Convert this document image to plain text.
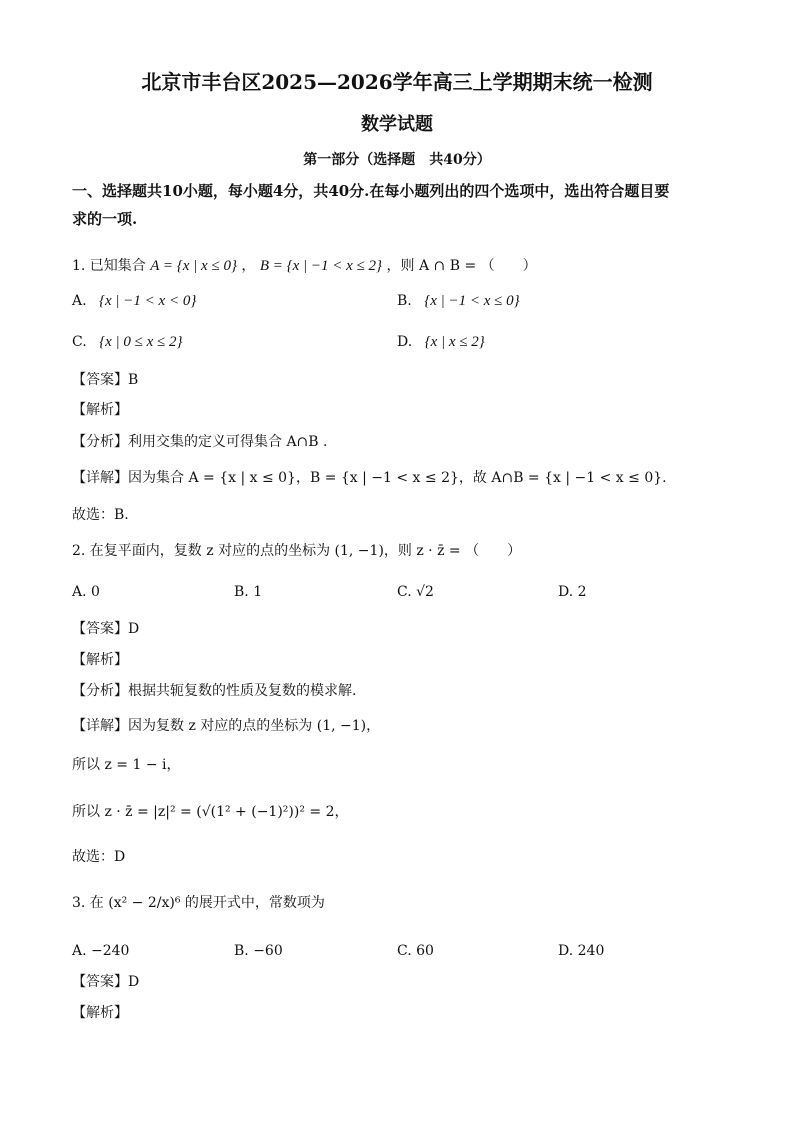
北京市丰台区2025—2026学年高三上学期期末统一检测
数学试题
第一部分（选择题　共40分）
一、选择题共10小题，每小题4分，共40分.在每小题列出的四个选项中，选出符合题目要
求的一项.
1. 已知集合 A = {x | x ≤ 0} ， B = {x | −1 < x ≤ 2} ，则 A ∩ B = （　　）
A. {x | −1 < x < 0}	B. {x | −1 < x ≤ 0}
C. {x | 0 ≤ x ≤ 2}	D. {x | x ≤ 2}
【答案】B
【解析】
【分析】利用交集的定义可得集合 A∩B .
【详解】因为集合 A = {x | x ≤ 0}，B = {x | −1 < x ≤ 2}，故 A∩B = {x | −1 < x ≤ 0}.
故选：B.
2. 在复平面内，复数 z 对应的点的坐标为 (1, −1)，则 z · z̄ = （　　）
A. 0	B. 1	C. √2	D. 2
【答案】D
【解析】
【分析】根据共轭复数的性质及复数的模求解.
【详解】因为复数 z 对应的点的坐标为 (1, −1)，
所以 z = 1 − i，
所以 z · z̄ = |z|² = (√(1² + (−1)²))² = 2，
故选：D
3. 在 (x² − 2/x)⁶ 的展开式中，常数项为
A. −240	B. −60	C. 60	D. 240
【答案】D
【解析】
